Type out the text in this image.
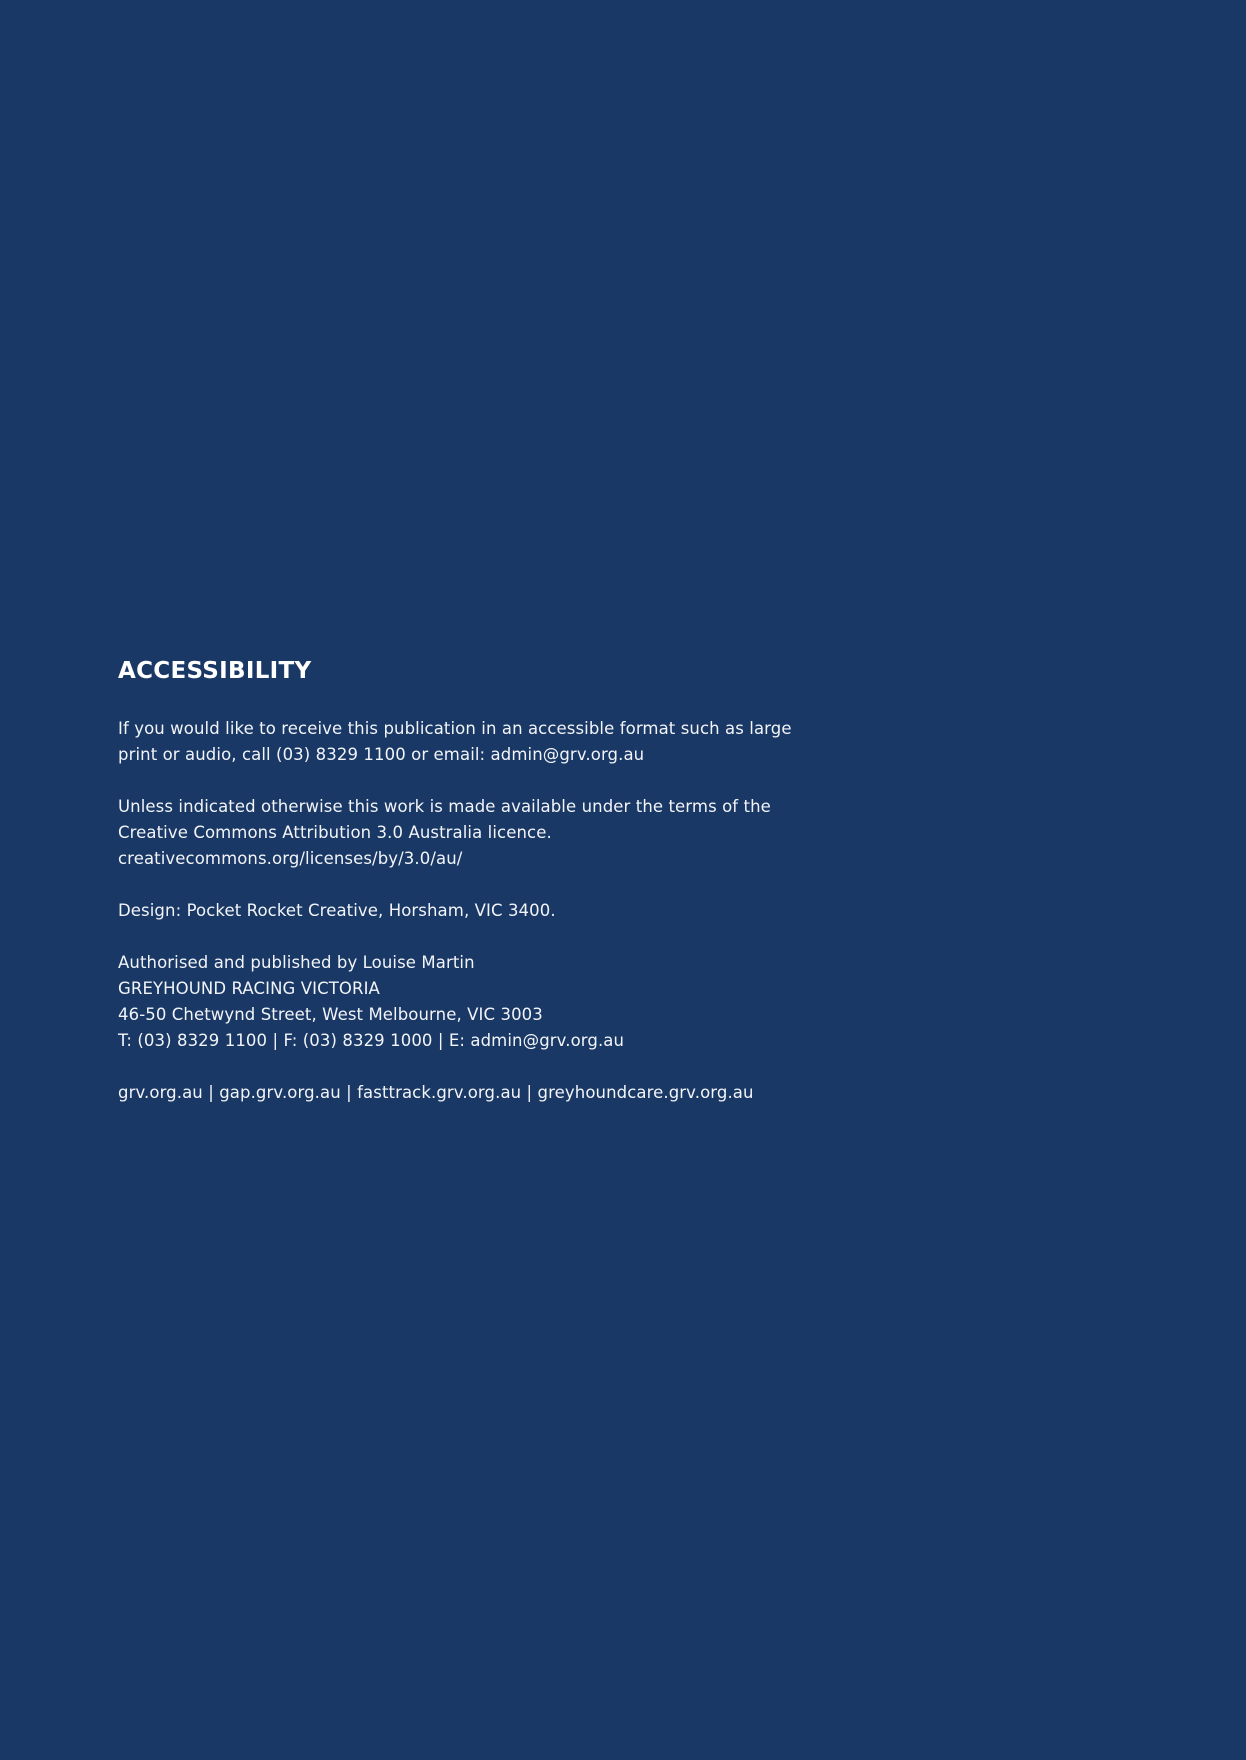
ACCESSIBILITY

If you would like to receive this publication in an accessible format such as large
print or audio, call (03) 8329 1100 or email: admin@grv.org.au

Unless indicated otherwise this work is made available under the terms of the
Creative Commons Attribution 3.0 Australia licence.
creativecommons.org/licenses/by/3.0/au/

Design: Pocket Rocket Creative, Horsham, VIC 3400.

Authorised and published by Louise Martin
GREYHOUND RACING VICTORIA
46-50 Chetwynd Street, West Melbourne, VIC 3003
T: (03) 8329 1100 | F: (03) 8329 1000 | E: admin@grv.org.au

grv.org.au | gap.grv.org.au | fasttrack.grv.org.au | greyhoundcare.grv.org.au
